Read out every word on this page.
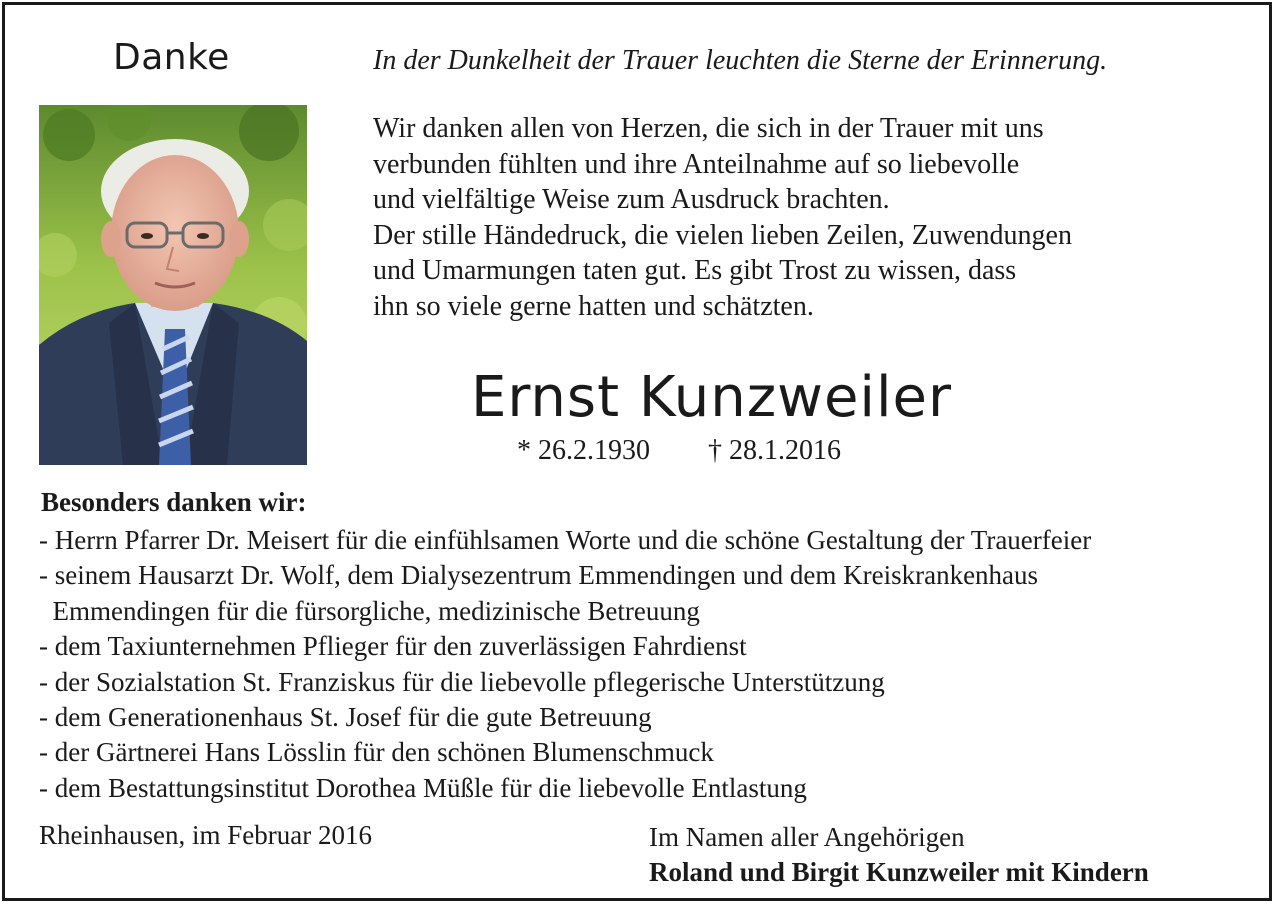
Danke	In der Dunkelheit der Trauer leuchten die Sterne der Erinnerung.
Wir danken allen von Herzen, die sich in der Trauer mit uns
verbunden fühlten und ihre Anteilnahme auf so liebevolle
und vielfältige Weise zum Ausdruck brachten.
Der stille Händedruck, die vielen lieben Zeilen, Zuwendungen
und Umarmungen taten gut. Es gibt Trost zu wissen, dass
ihn so viele gerne hatten und schätzten.
Ernst Kunzweiler
* 26.2.1930 † 28.1.2016
Besonders danken wir:
- Herrn Pfarrer Dr. Meisert für die einfühlsamen Worte und die schöne Gestaltung der Trauerfeier
- seinem Hausarzt Dr. Wolf, dem Dialysezentrum Emmendingen und dem Kreiskrankenhaus
Emmendingen für die fürsorgliche, medizinische Betreuung
- dem Taxiunternehmen Pflieger für den zuverlässigen Fahrdienst
- der Sozialstation St. Franziskus für die liebevolle pflegerische Unterstützung
- dem Generationenhaus St. Josef für die gute Betreuung
- der Gärtnerei Hans Lösslin für den schönen Blumenschmuck
- dem Bestattungsinstitut Dorothea Müßle für die liebevolle Entlastung
Rheinhausen, im Februar 2016	Im Namen aller Angehörigen
Roland und Birgit Kunzweiler mit Kindern
